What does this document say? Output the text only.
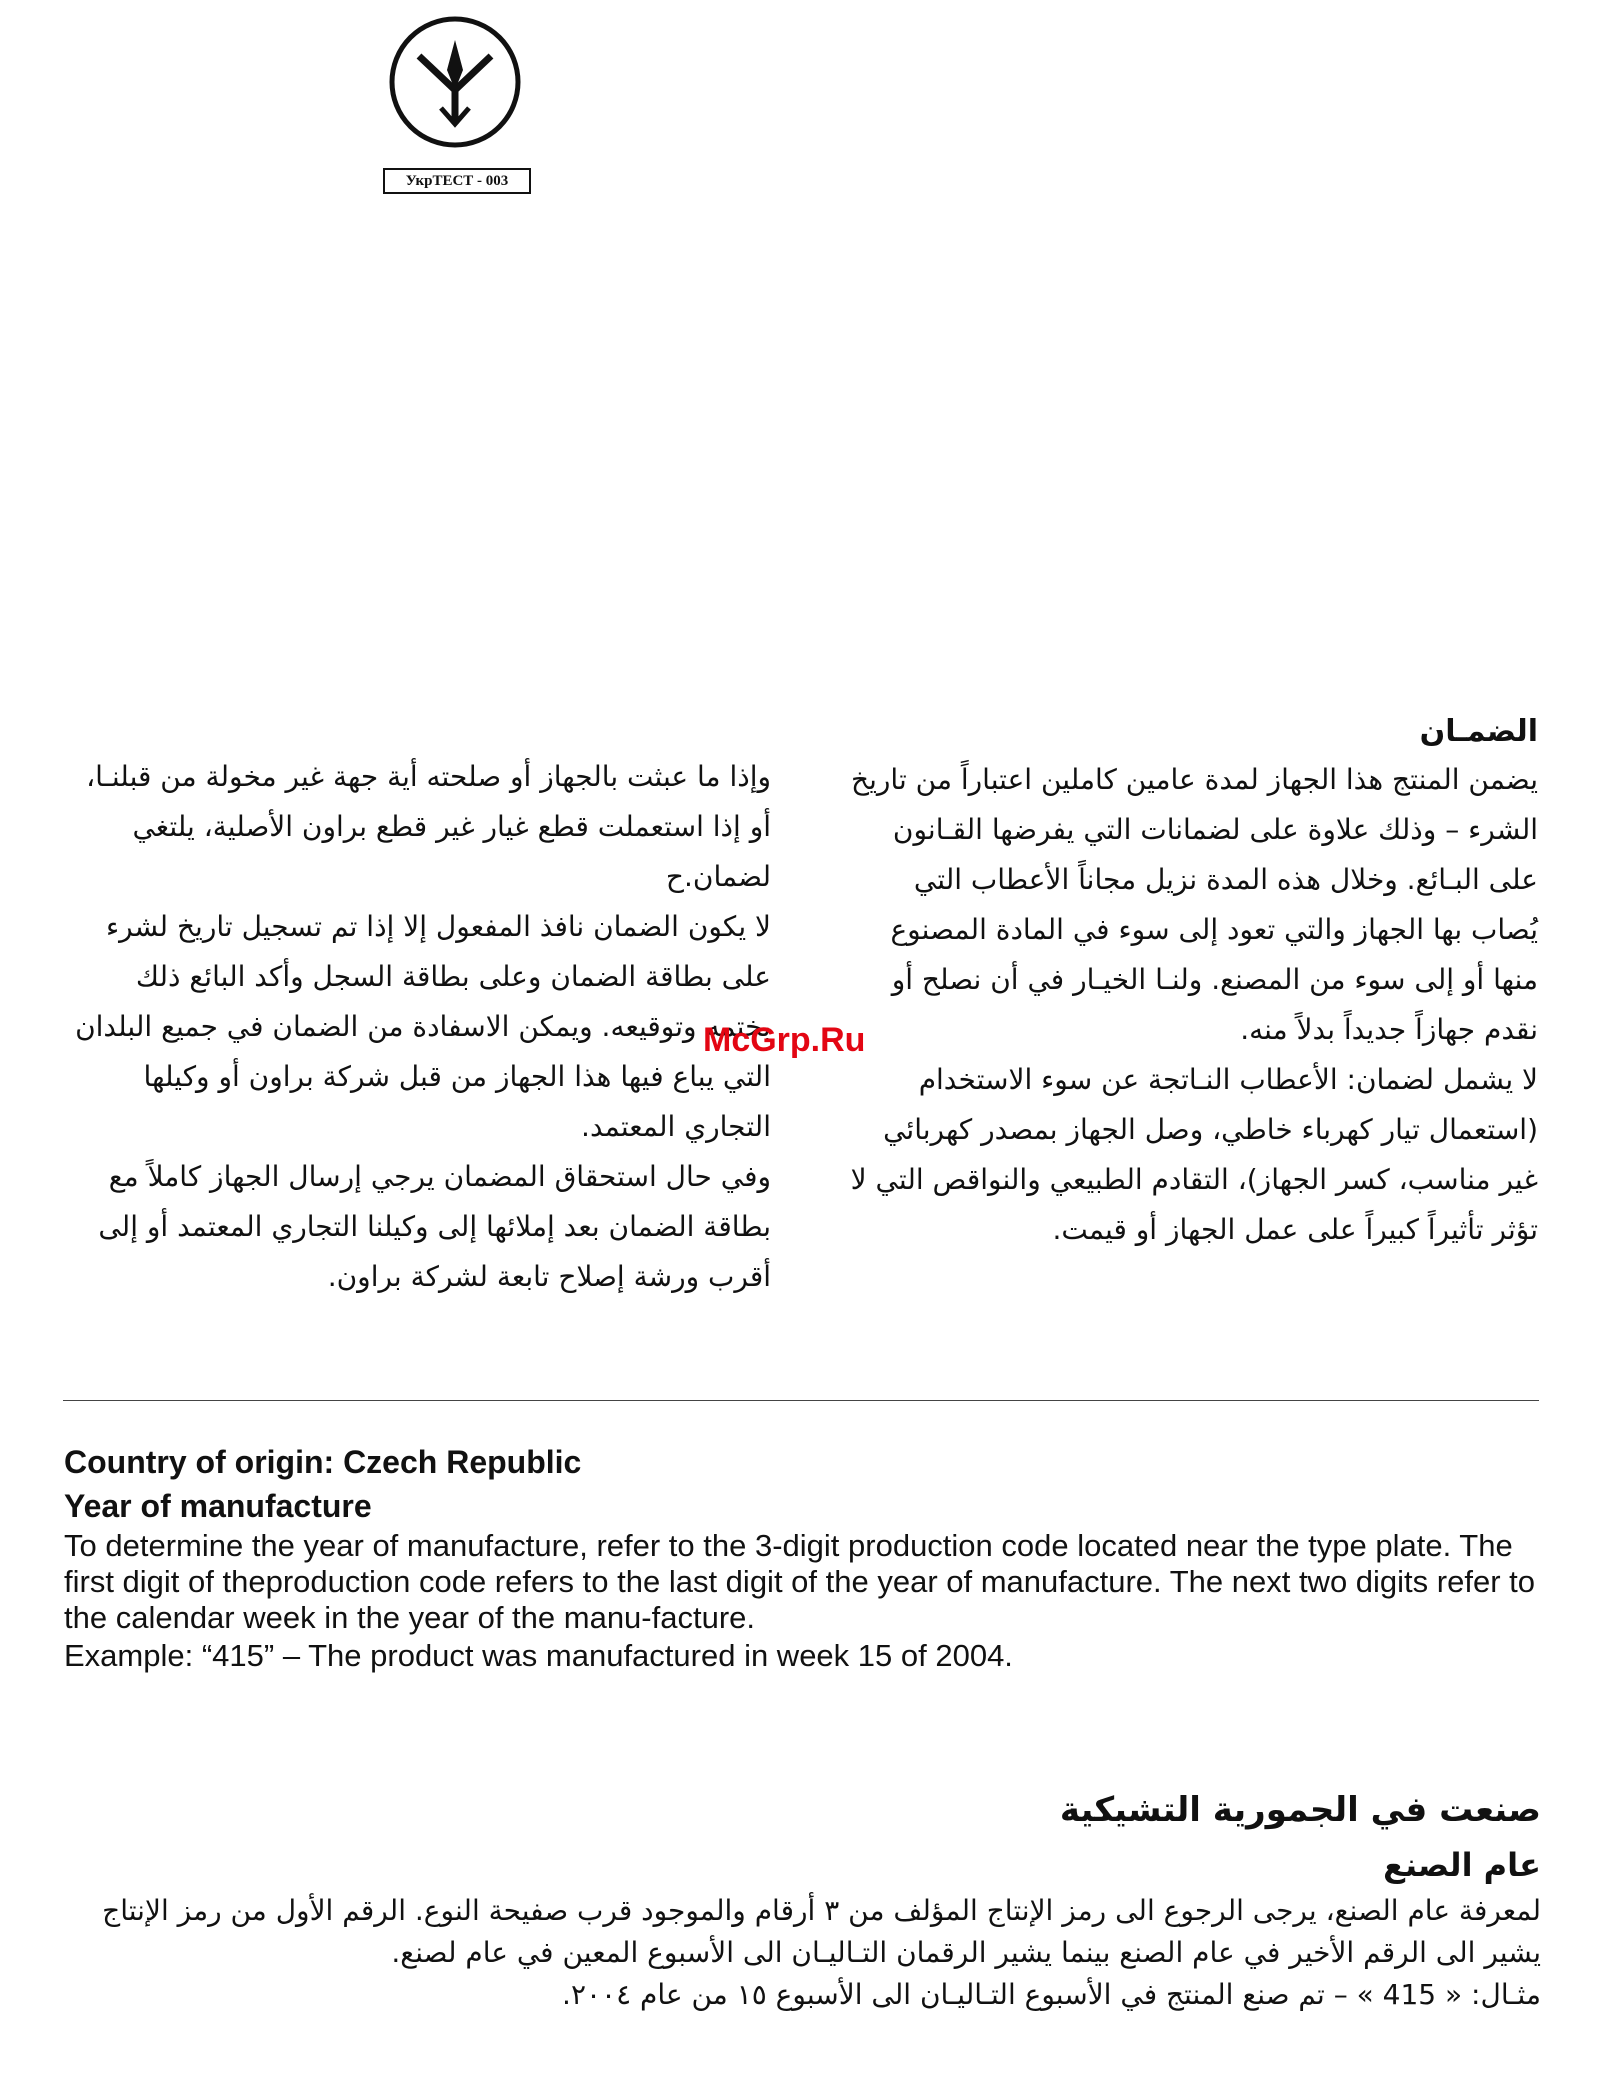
УкрТЕСТ - 003

الضمـان

يضمن المنتج هذا الجهاز لمدة عامين كاملين اعتباراً من تاريخ الشرء – وذلك علاوة على لضمانات التي يفرضها القـانون على البـائع. وخلال هذه المدة نزيل مجاناً الأعطاب التي يُصاب بها الجهاز والتي تعود إلى سوء في المادة المصنوع منها أو إلى سوء من المصنع. ولنـا الخيـار في أن نصلح أو نقدم جهازاً جديداً بدلاً منه.

لا يشمل لضمان: الأعطاب النـاتجة عن سوء الاستخدام (استعمال تيار كهرباء خاطي، وصل الجهاز بمصدر كهربائي غير مناسب، كسر الجهاز)، التقادم الطبيعي والنواقص التي لا تؤثر تأثيراً كبيراً على عمل الجهاز أو قيمت.

وإذا ما عبثت بالجهاز أو صلحته أية جهة غير مخولة من قبلنـا، أو إذا استعملت قطع غيار غير قطع براون الأصلية، يلتغي لضمان.ح

لا يكون الضمان نافذ المفعول إلا إذا تم تسجيل تاريخ لشرء على بطاقة الضمان وعلى بطاقة السجل وأكد البائع ذلك بختمه وتوقيعه. ويمكن الاسفادة من الضمان في جميع البلدان التي يباع فيها هذا الجهاز من قبل شركة براون أو وكيلها التجاري المعتمد.

وفي حال استحقاق المضمان يرجي إرسال الجهاز كاملاً مع بطاقة الضمان بعد إملائها إلى وكيلنا التجاري المعتمد أو إلى أقرب ورشة إصلاح تابعة لشركة براون.

McGrp.Ru

Country of origin: Czech Republic

Year of manufacture

To determine the year of manufacture, refer to the 3-digit production code located near the type plate. The first digit of theproduction code refers to the last digit of the year of manufacture. The next two digits refer to the calendar week in the year of the manu-facture.

Example: “415” – The product was manufactured in week 15 of 2004.

صنعت في الجمورية التشيكية

عام الصنع

لمعرفة عام الصنع، يرجى الرجوع الى رمز الإنتاج المؤلف من ٣ أرقام والموجود قرب صفيحة النوع. الرقم الأول من رمز الإنتاج يشير الى الرقم الأخير في عام الصنع بينما يشير الرقمان التـاليـان الى الأسبوع المعين في عام لصنع.

مثـال: « 415 » – تم صنع المنتج في الأسبوع التـاليـان الى الأسبوع ١٥ من عام ٢٠٠٤.
